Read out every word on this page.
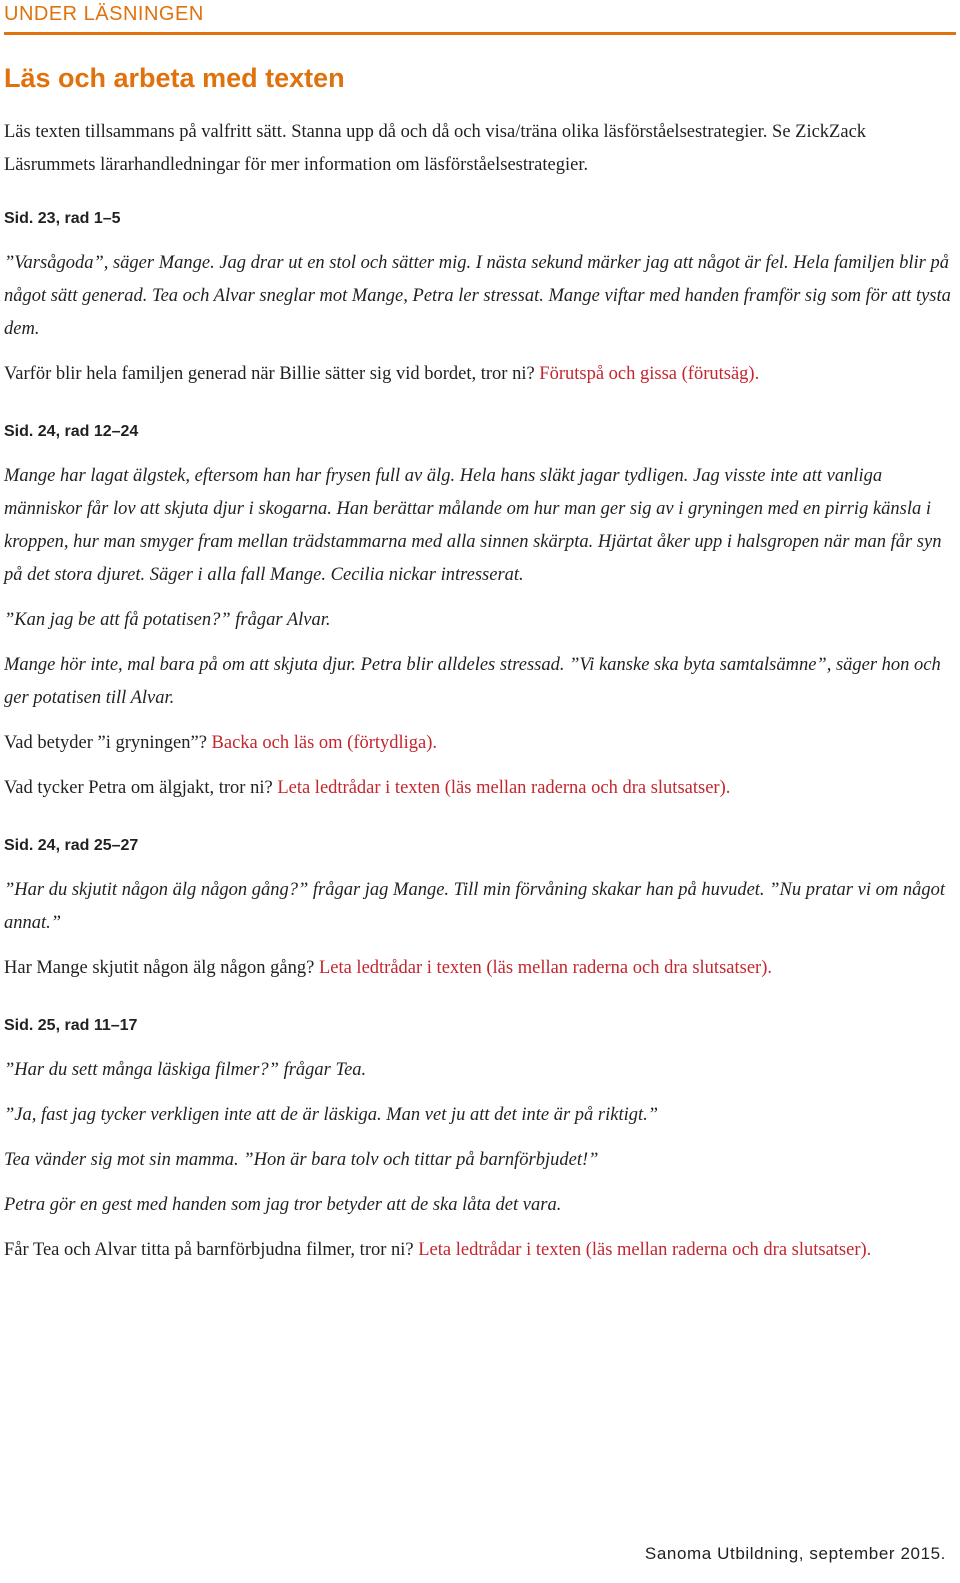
UNDER LÄSNINGEN
Läs och arbeta med texten

Läs texten tillsammans på valfritt sätt. Stanna upp då och då och visa/träna olika läsförståelsestrategier. Se ZickZack Läsrummets lärarhandledningar för mer information om läsförståelsestrategier.

Sid. 23, rad 1–5

”Varsågoda”, säger Mange. Jag drar ut en stol och sätter mig. I nästa sekund märker jag att något är fel. Hela familjen blir på något sätt generad. Tea och Alvar sneglar mot Mange, Petra ler stressat. Mange viftar med handen framför sig som för att tysta dem.

Varför blir hela familjen generad när Billie sätter sig vid bordet, tror ni? Förutspå och gissa (förutsäg).

Sid. 24, rad 12–24

Mange har lagat älgstek, eftersom han har frysen full av älg. Hela hans släkt jagar tydligen. Jag visste inte att vanliga människor får lov att skjuta djur i skogarna. Han berättar målande om hur man ger sig av i gryningen med en pirrig känsla i kroppen, hur man smyger fram mellan trädstammarna med alla sinnen skärpta. Hjärtat åker upp i halsgropen när man får syn på det stora djuret. Säger i alla fall Mange. Cecilia nickar intresserat.

”Kan jag be att få potatisen?” frågar Alvar.

Mange hör inte, mal bara på om att skjuta djur. Petra blir alldeles stressad. ”Vi kanske ska byta samtalsämne”, säger hon och ger potatisen till Alvar.

Vad betyder ”i gryningen”? Backa och läs om (förtydliga).

Vad tycker Petra om älgjakt, tror ni? Leta ledtrådar i texten (läs mellan raderna och dra slutsatser).

Sid. 24, rad 25–27

”Har du skjutit någon älg någon gång?” frågar jag Mange. Till min förvåning skakar han på huvudet. ”Nu pratar vi om något annat.”

Har Mange skjutit någon älg någon gång? Leta ledtrådar i texten (läs mellan raderna och dra slutsatser).

Sid. 25, rad 11–17

”Har du sett många läskiga filmer?” frågar Tea.

”Ja, fast jag tycker verkligen inte att de är läskiga. Man vet ju att det inte är på riktigt.”

Tea vänder sig mot sin mamma. ”Hon är bara tolv och tittar på barnförbjudet!”

Petra gör en gest med handen som jag tror betyder att de ska låta det vara.

Får Tea och Alvar titta på barnförbjudna filmer, tror ni? Leta ledtrådar i texten (läs mellan raderna och dra slutsatser).

Sanoma Utbildning, september 2015.
